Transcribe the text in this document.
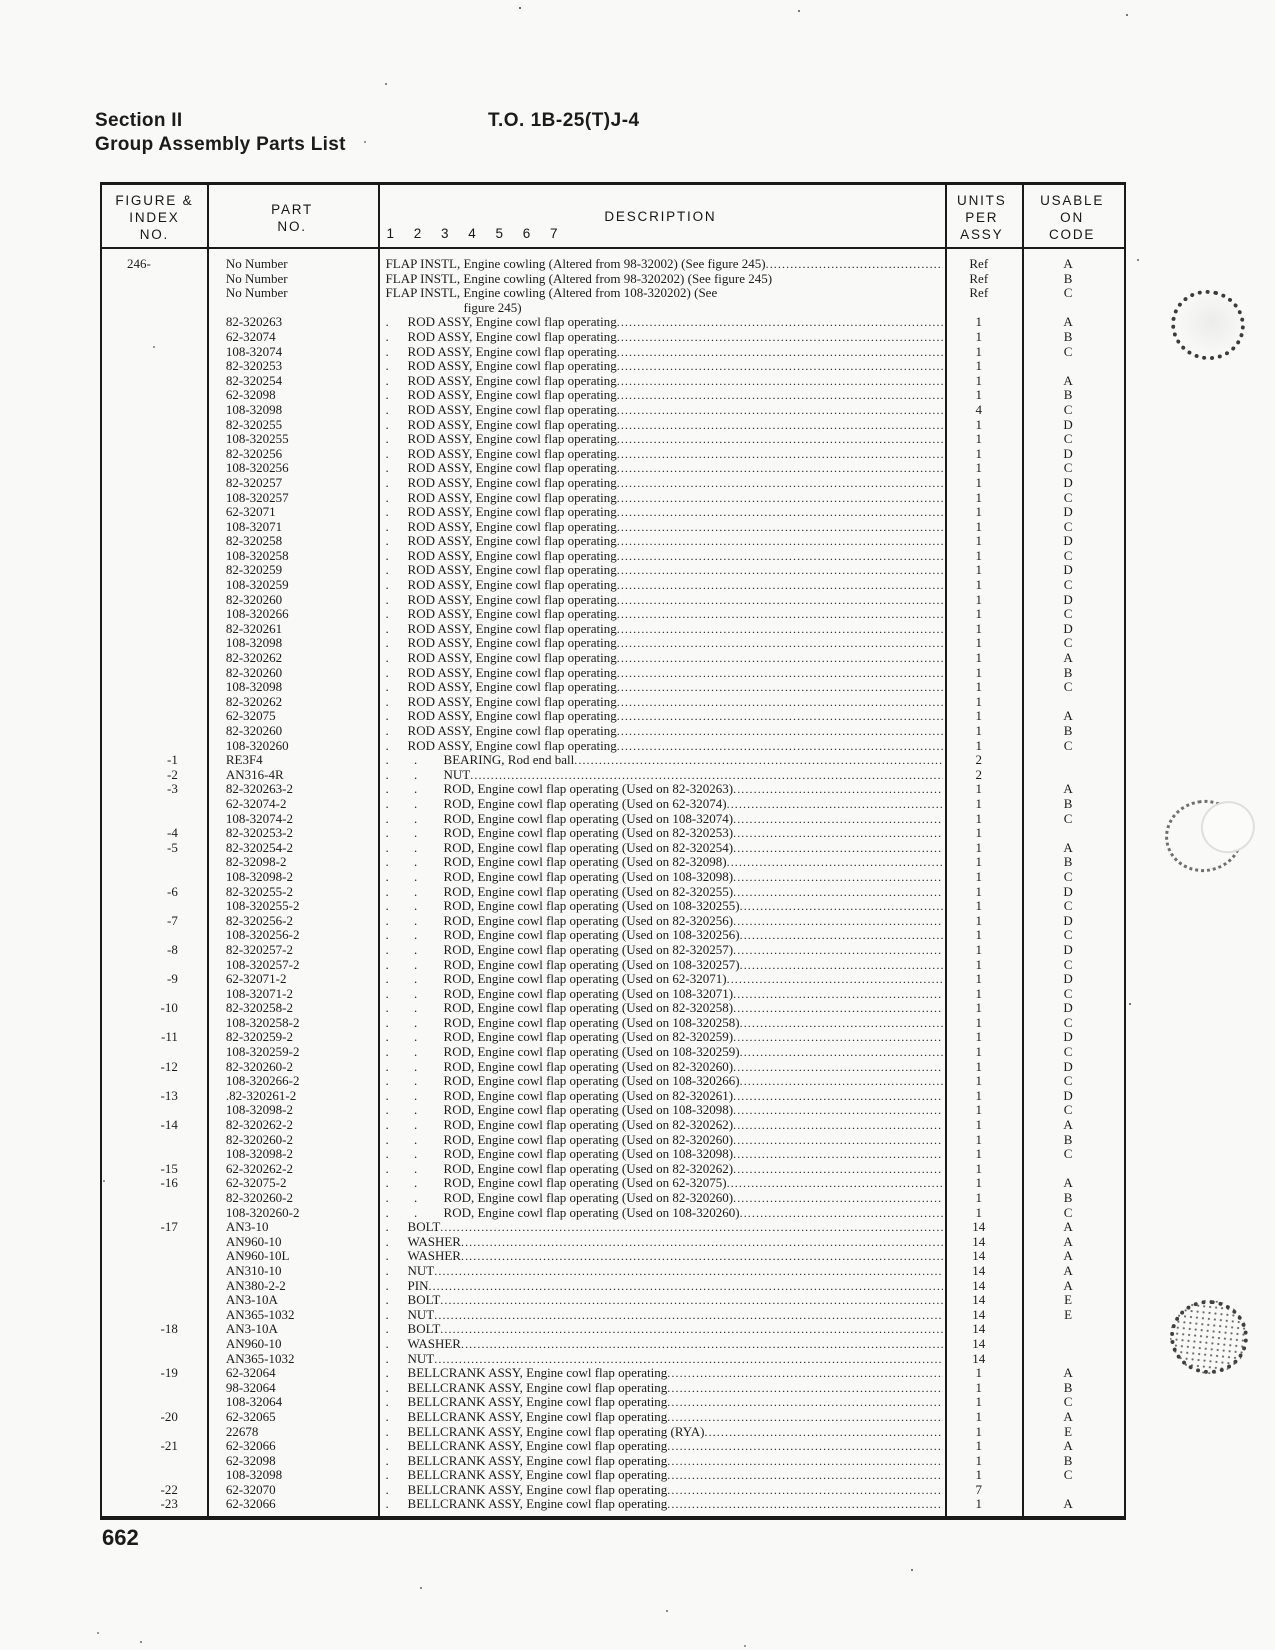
Section II
Group Assembly Parts List
T.O. 1B-25(T)J-4
FIGURE &
INDEX
NO.
PART
NO.
DESCRIPTION
1 2 3 4 5 6 7
UNITS
PER
ASSY
USABLE
ON
CODE
246-	No Number	FLAP INSTL, Engine cowling (Altered from 98-32002) (See figure 245) .....	Ref	A
No Number	FLAP INSTL, Engine cowling (Altered from 98-320202) (See figure 245)	Ref	B
No Number	FLAP INSTL, Engine cowling (Altered from 108-320202) (See	Ref	C
figure 245)
82-320263	.	ROD ASSY, Engine cowl flap operating .....	1	A
62-32074	.	ROD ASSY, Engine cowl flap operating .....	1	B
108-32074	.	ROD ASSY, Engine cowl flap operating .....	1	C
82-320253	.	ROD ASSY, Engine cowl flap operating .....	1
82-320254	.	ROD ASSY, Engine cowl flap operating .....	1	A
62-32098	.	ROD ASSY, Engine cowl flap operating .....	1	B
108-32098	.	ROD ASSY, Engine cowl flap operating .....	4	C
82-320255	.	ROD ASSY, Engine cowl flap operating .....	1	D
108-320255	.	ROD ASSY, Engine cowl flap operating .....	1	C
82-320256	.	ROD ASSY, Engine cowl flap operating .....	1	D
108-320256	.	ROD ASSY, Engine cowl flap operating .....	1	C
82-320257	.	ROD ASSY, Engine cowl flap operating .....	1	D
108-320257	.	ROD ASSY, Engine cowl flap operating .....	1	C
62-32071	.	ROD ASSY, Engine cowl flap operating .....	1	D
108-32071	.	ROD ASSY, Engine cowl flap operating .....	1	C
82-320258	.	ROD ASSY, Engine cowl flap operating .....	1	D
108-320258	.	ROD ASSY, Engine cowl flap operating .....	1	C
82-320259	.	ROD ASSY, Engine cowl flap operating .....	1	D
108-320259	.	ROD ASSY, Engine cowl flap operating .....	1	C
82-320260	.	ROD ASSY, Engine cowl flap operating .....	1	D
108-320266	.	ROD ASSY, Engine cowl flap operating .....	1	C
82-320261	.	ROD ASSY, Engine cowl flap operating .....	1	D
108-32098	.	ROD ASSY, Engine cowl flap operating .....	1	C
82-320262	.	ROD ASSY, Engine cowl flap operating .....	1	A
82-320260	.	ROD ASSY, Engine cowl flap operating .....	1	B
108-32098	.	ROD ASSY, Engine cowl flap operating .....	1	C
82-320262	.	ROD ASSY, Engine cowl flap operating .....	1
62-32075	.	ROD ASSY, Engine cowl flap operating .....	1	A
82-320260	.	ROD ASSY, Engine cowl flap operating .....	1	B
108-320260	.	ROD ASSY, Engine cowl flap operating .....	1	C
-1	RE3F4	. .	BEARING, Rod end ball .....	2
-2	AN316-4R	. .	NUT .....	2
-3	82-320263-2	. .	ROD, Engine cowl flap operating (Used on 82-320263) .....	1	A
62-32074-2	. .	ROD, Engine cowl flap operating (Used on 62-32074) .....	1	B
108-32074-2	. .	ROD, Engine cowl flap operating (Used on 108-32074) .....	1	C
-4	82-320253-2	. .	ROD, Engine cowl flap operating (Used on 82-320253) .....	1
-5	82-320254-2	. .	ROD, Engine cowl flap operating (Used on 82-320254) .....	1	A
82-32098-2	. .	ROD, Engine cowl flap operating (Used on 82-32098) .....	1	B
108-32098-2	. .	ROD, Engine cowl flap operating (Used on 108-32098) .....	1	C
-6	82-320255-2	. .	ROD, Engine cowl flap operating (Used on 82-320255) .....	1	D
108-320255-2	. .	ROD, Engine cowl flap operating (Used on 108-320255) .....	1	C
-7	82-320256-2	. .	ROD, Engine cowl flap operating (Used on 82-320256) .....	1	D
108-320256-2	. .	ROD, Engine cowl flap operating (Used on 108-320256) .....	1	C
-8	82-320257-2	. .	ROD, Engine cowl flap operating (Used on 82-320257) .....	1	D
108-320257-2	. .	ROD, Engine cowl flap operating (Used on 108-320257) .....	1	C
-9	62-32071-2	. .	ROD, Engine cowl flap operating (Used on 62-32071) .....	1	D
108-32071-2	. .	ROD, Engine cowl flap operating (Used on 108-32071) .....	1	C
-10	82-320258-2	. .	ROD, Engine cowl flap operating (Used on 82-320258) .....	1	D
108-320258-2	. .	ROD, Engine cowl flap operating (Used on 108-320258) .....	1	C
-11	82-320259-2	. .	ROD, Engine cowl flap operating (Used on 82-320259) .....	1	D
108-320259-2	. .	ROD, Engine cowl flap operating (Used on 108-320259) .....	1	C
-12	82-320260-2	. .	ROD, Engine cowl flap operating (Used on 82-320260) .....	1	D
108-320266-2	. .	ROD, Engine cowl flap operating (Used on 108-320266) .....	1	C
-13	.82-320261-2	. .	ROD, Engine cowl flap operating (Used on 82-320261) .....	1	D
108-32098-2	. .	ROD, Engine cowl flap operating (Used on 108-32098) .....	1	C
-14	82-320262-2	. .	ROD, Engine cowl flap operating (Used on 82-320262) .....	1	A
82-320260-2	. .	ROD, Engine cowl flap operating (Used on 82-320260) .....	1	B
108-32098-2	. .	ROD, Engine cowl flap operating (Used on 108-32098) .....	1	C
-15	62-320262-2	. .	ROD, Engine cowl flap operating (Used on 82-320262) .....	1
-16	62-32075-2	. .	ROD, Engine cowl flap operating (Used on 62-32075) .....	1	A
82-320260-2	. .	ROD, Engine cowl flap operating (Used on 82-320260) .....	1	B
108-320260-2	. .	ROD, Engine cowl flap operating (Used on 108-320260) .....	1	C
-17	AN3-10	.	BOLT .....	14	A
AN960-10	.	WASHER .....	14	A
AN960-10L	.	WASHER .....	14	A
AN310-10	.	NUT .....	14	A
AN380-2-2	.	PIN .....	14	A
AN3-10A	.	BOLT .....	14	E
AN365-1032	.	NUT .....	14	E
-18	AN3-10A	.	BOLT .....	14
AN960-10	.	WASHER .....	14
AN365-1032	.	NUT .....	14
-19	62-32064	.	BELLCRANK ASSY, Engine cowl flap operating .....	1	A
98-32064	.	BELLCRANK ASSY, Engine cowl flap operating .....	1	B
108-32064	.	BELLCRANK ASSY, Engine cowl flap operating .....	1	C
-20	62-32065	.	BELLCRANK ASSY, Engine cowl flap operating .....	1	A
22678	.	BELLCRANK ASSY, Engine cowl flap operating (RYA) .....	1	E
-21	62-32066	.	BELLCRANK ASSY, Engine cowl flap operating .....	1	A
62-32098	.	BELLCRANK ASSY, Engine cowl flap operating .....	1	B
108-32098	.	BELLCRANK ASSY, Engine cowl flap operating .....	1	C
-22	62-32070	.	BELLCRANK ASSY, Engine cowl flap operating .....	7
-23	62-32066	.	BELLCRANK ASSY, Engine cowl flap operating .....	1	A
662
